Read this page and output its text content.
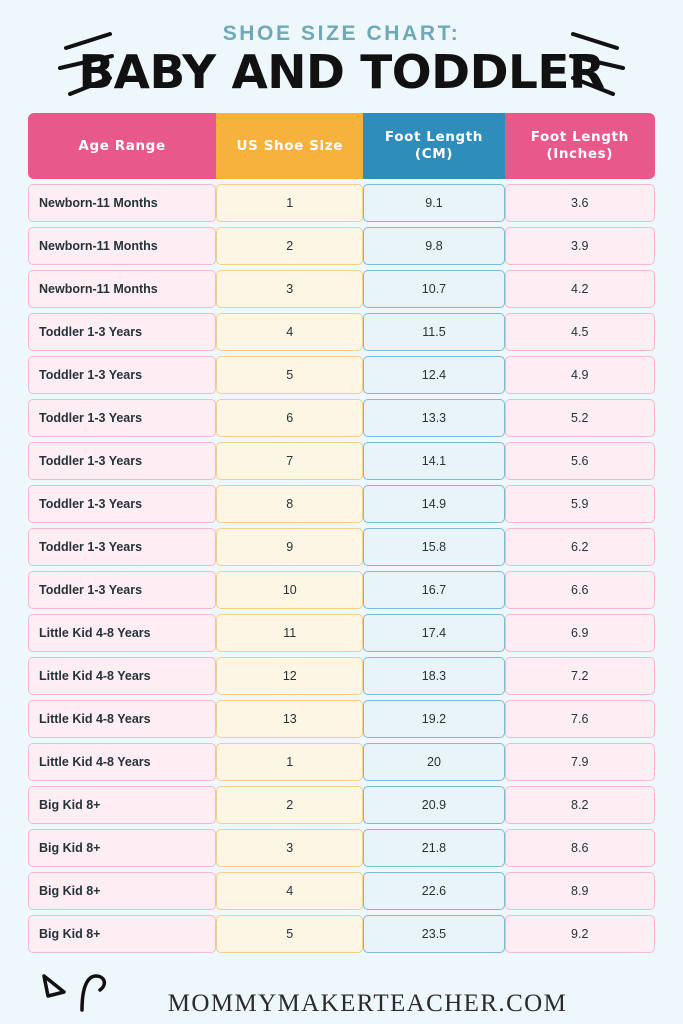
SHOE SIZE CHART:

BABY AND TODDLER
Age Range	US Shoe Size	Foot Length (CM)	Foot Length (Inches)
Newborn-11 Months	1	9.1	3.6
Newborn-11 Months	2	9.8	3.9
Newborn-11 Months	3	10.7	4.2
Toddler 1-3 Years	4	11.5	4.5
Toddler 1-3 Years	5	12.4	4.9
Toddler 1-3 Years	6	13.3	5.2
Toddler 1-3 Years	7	14.1	5.6
Toddler 1-3 Years	8	14.9	5.9
Toddler 1-3 Years	9	15.8	6.2
Toddler 1-3 Years	10	16.7	6.6
Little Kid 4-8 Years	11	17.4	6.9
Little Kid 4-8 Years	12	18.3	7.2
Little Kid 4-8 Years	13	19.2	7.6
Little Kid 4-8 Years	1	20	7.9
Big Kid 8+	2	20.9	8.2
Big Kid 8+	3	21.8	8.6
Big Kid 8+	4	22.6	8.9
Big Kid 8+	5	23.5	9.2
MOMMYMAKERTEACHER.COM
